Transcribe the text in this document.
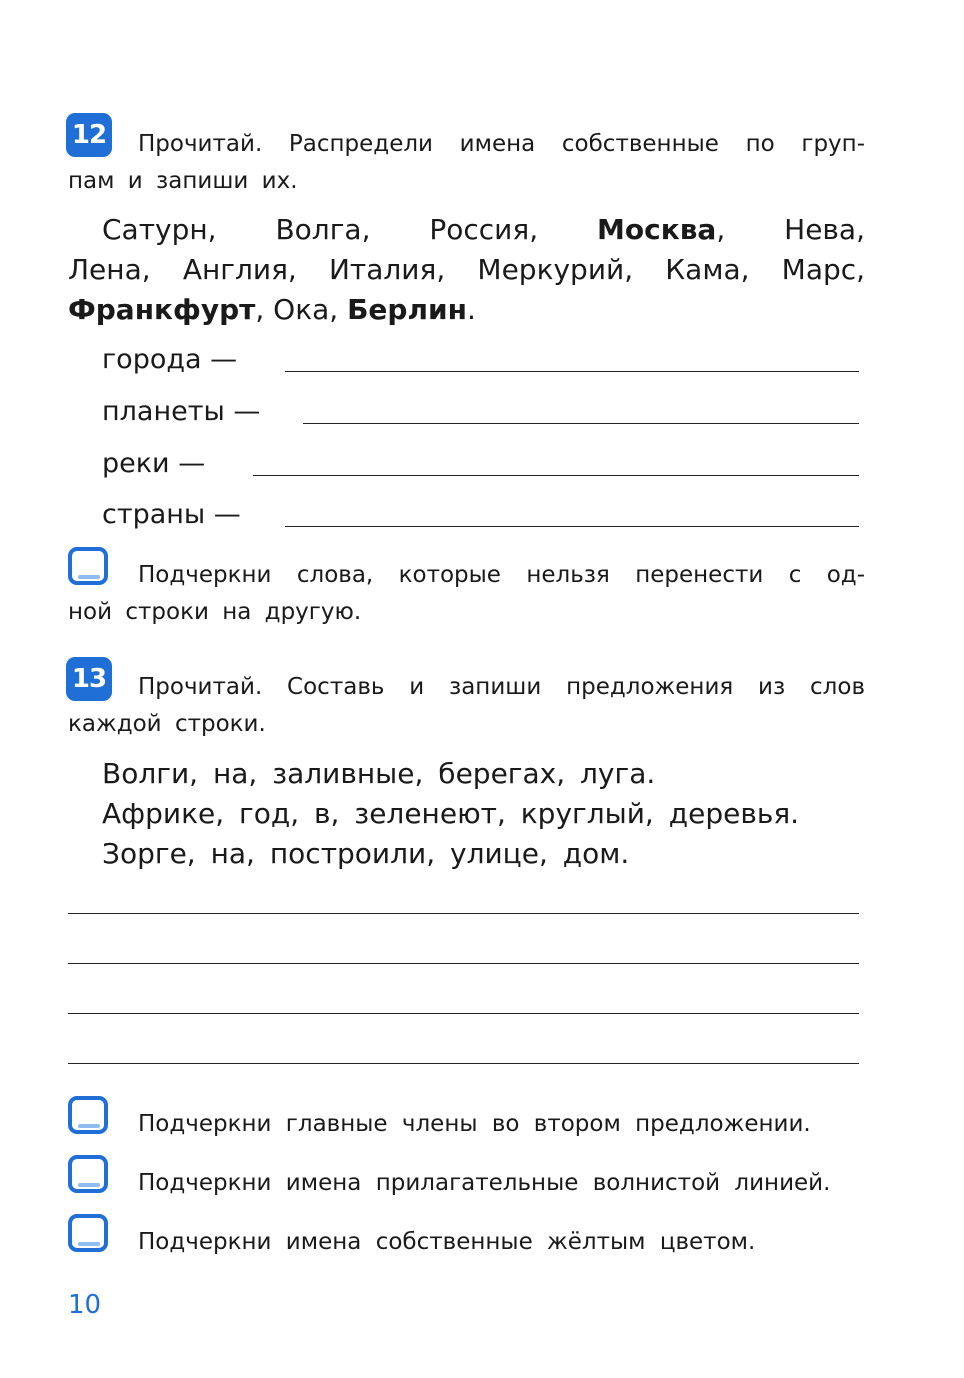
12 Прочитай. Распредели имена собственные по груп-
пам и запиши их.
Сатурн, Волга, Россия, Москва, Нева,
Лена, Англия, Италия, Меркурий, Кама, Марс,
Франкфурт, Ока, Берлин.
города —
планеты —
реки —
страны —
Подчеркни слова, которые нельзя перенести с од-
ной строки на другую.
13 Прочитай. Составь и запиши предложения из слов
каждой строки.
Волги, на, заливные, берегах, луга.
Африке, год, в, зеленеют, круглый, деревья.
Зорге, на, построили, улице, дом.
Подчеркни главные члены во втором предложении.
Подчеркни имена прилагательные волнистой линией.
Подчеркни имена собственные жёлтым цветом.
10
